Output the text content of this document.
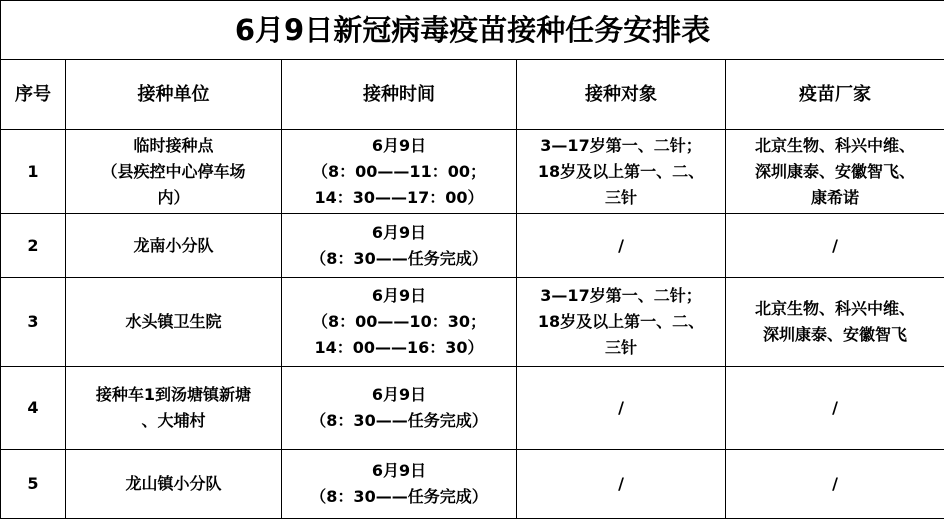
6月9日新冠病毒疫苗接种任务安排表				
序号	接种单位	接种时间	接种对象	疫苗厂家
1	临时接种点
（县疾控中心停车场
内）	6月9日
（8：00——11：00；
14：30——17：00）	3—17岁第一、二针；
18岁及以上第一、二、
三针	北京生物、科兴中维、
深圳康泰、安徽智飞、
康希诺

2	龙南小分队	6月9日
（8：30——任务完成）	/	/

3	水头镇卫生院	6月9日
（8：00——10：30；
14：00——16：30）	3—17岁第一、二针；
18岁及以上第一、二、
三针	北京生物、科兴中维、
深圳康泰、安徽智飞

4	接种车1到汤塘镇新塘
、大埔村	6月9日
（8：30——任务完成）	/	/

5	龙山镇小分队	6月9日
（8：30——任务完成）	/	/
